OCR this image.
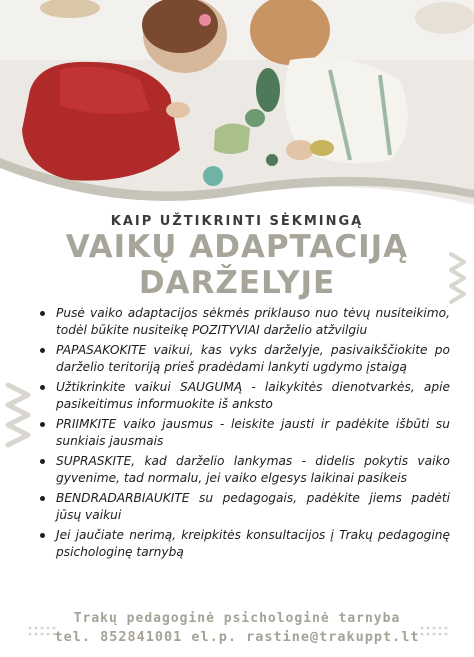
KAIP UŽTIKRINTI SĖKMINGĄ
VAIKŲ ADAPTACIJĄ
DARŽELYJE
Pusė vaiko adaptacijos sėkmės priklauso nuo tėvų nusiteikimo, todėl būkite nusiteikę POZITYVIAI darželio atžvilgiu
PAPASAKOKITE vaikui, kas vyks darželyje, pasivaikščiokite po darželio teritoriją prieš pradėdami lankyti ugdymo įstaigą
Užtikrinkite vaikui SAUGUMĄ - laikykitės dienotvarkės, apie pasikeitimus informuokite iš anksto
PRIIMKITE vaiko jausmus - leiskite jausti ir padėkite išbūti su sunkiais jausmais
SUPRASKITE, kad darželio lankymas - didelis pokytis vaiko gyvenime, tad normalu, jei vaiko elgesys laikinai pasikeis
BENDRADARBIAUKITE su pedagogais, padėkite jiems padėti jūsų vaikui
Jei jaučiate nerimą, kreipkitės konsultacijos į Trakų pedagoginę psichologinę tarnybą
Trakų pedagoginė psichologinė tarnyba
tel. 852841001 el.p. rastine@trakuppt.lt
